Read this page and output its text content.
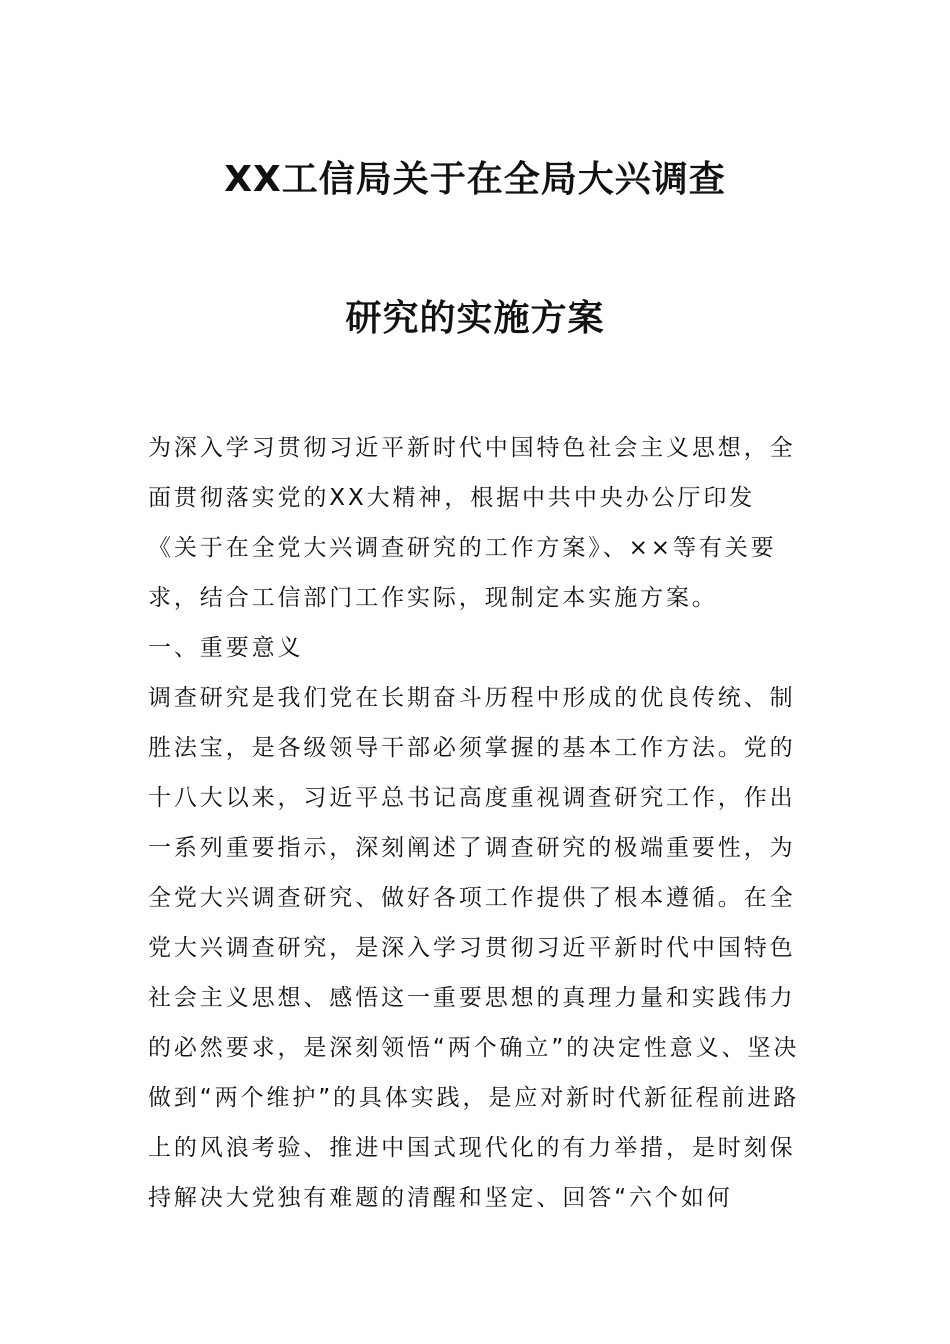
XX工信局关于在全局大兴调查
研究的实施方案

为深入学习贯彻习近平新时代中国特色社会主义思想，全面贯彻落实党的XX大精神，根据中共中央办公厅印发《关于在全党大兴调查研究的工作方案》、××等有关要求，结合工信部门工作实际，现制定本实施方案。

一、重要意义

调查研究是我们党在长期奋斗历程中形成的优良传统、制胜法宝，是各级领导干部必须掌握的基本工作方法。党的十八大以来，习近平总书记高度重视调查研究工作，作出一系列重要指示，深刻阐述了调查研究的极端重要性，为全党大兴调查研究、做好各项工作提供了根本遵循。在全党大兴调查研究，是深入学习贯彻习近平新时代中国特色社会主义思想、感悟这一重要思想的真理力量和实践伟力的必然要求，是深刻领悟“两个确立”的决定性意义、坚决做到“两个维护”的具体实践，是应对新时代新征程前进路上的风浪考验、推进中国式现代化的有力举措，是时刻保持解决大党独有难题的清醒和坚定、回答“六个如何
